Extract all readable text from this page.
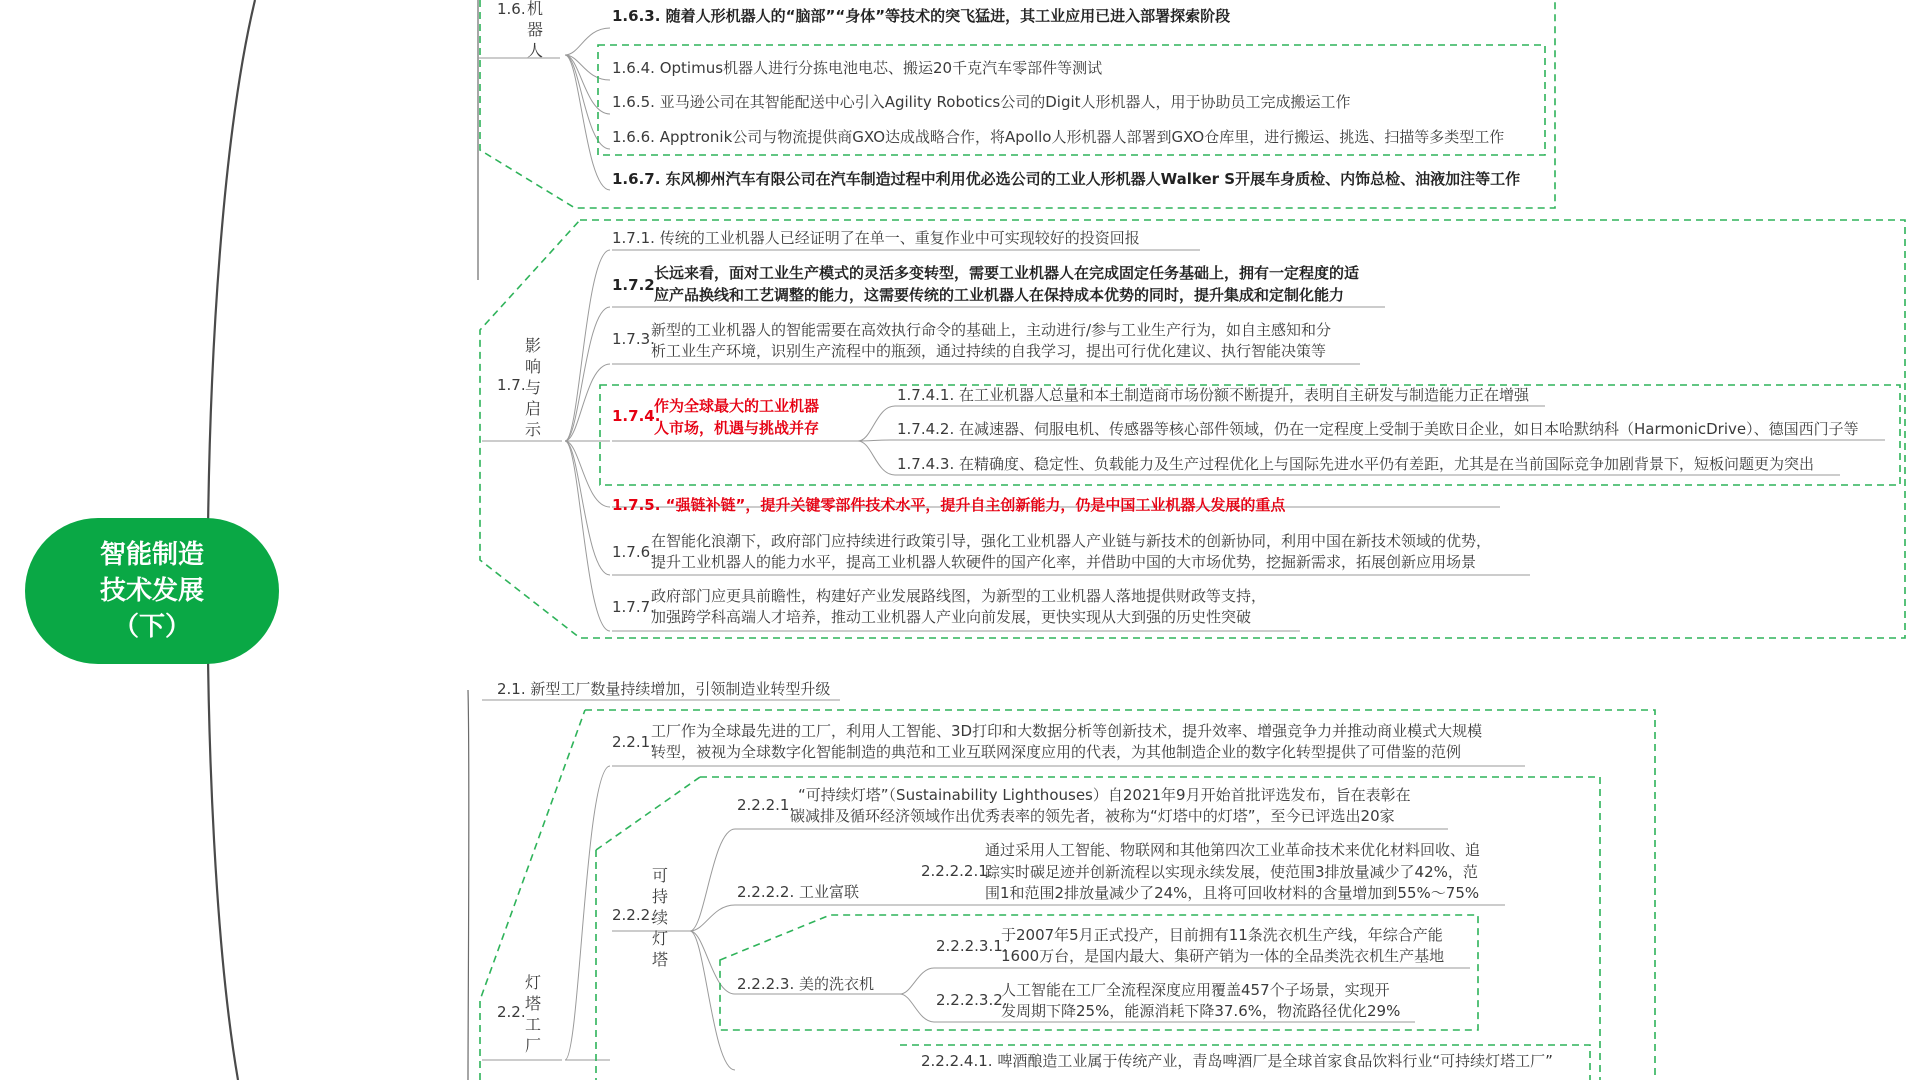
智能制造
技术发展
（下）
1.6. 机器人
1.6.3. 随着人形机器人的“脑部”“身体”等技术的突飞猛进，其工业应用已进入部署探索阶段
1.6.4. Optimus机器人进行分拣电池电芯、搬运20千克汽车零部件等测试
1.6.5. 亚马逊公司在其智能配送中心引入Agility Robotics公司的Digit人形机器人，用于协助员工完成搬运工作
1.6.6. Apptronik公司与物流提供商GXO达成战略合作，将Apollo人形机器人部署到GXO仓库里，进行搬运、挑选、扫描等多类型工作
1.6.7. 东风柳州汽车有限公司在汽车制造过程中利用优必选公司的工业人形机器人Walker S开展车身质检、内饰总检、油液加注等工作
1.7.
影响与启示
1.7.1. 传统的工业机器人已经证明了在单一、重复作业中可实现较好的投资回报
1.7.2.
长远来看，面对工业生产模式的灵活多变转型，需要工业机器人在完成固定任务基础上，拥有一定程度的适
应产品换线和工艺调整的能力，这需要传统的工业机器人在保持成本优势的同时，提升集成和定制化能力
1.7.3.
新型的工业机器人的智能需要在高效执行命令的基础上，主动进行/参与工业生产行为，如自主感知和分
析工业生产环境，识别生产流程中的瓶颈，通过持续的自我学习，提出可行优化建议、执行智能决策等
1.7.4.
作为全球最大的工业机器
人市场，机遇与挑战并存
1.7.4.1. 在工业机器人总量和本土制造商市场份额不断提升，表明自主研发与制造能力正在增强
1.7.4.2. 在减速器、伺服电机、传感器等核心部件领域，仍在一定程度上受制于美欧日企业，如日本哈默纳科（HarmonicDrive）、德国西门子等
1.7.4.3. 在精确度、稳定性、负载能力及生产过程优化上与国际先进水平仍有差距，尤其是在当前国际竞争加剧背景下，短板问题更为突出
1.7.5. “强链补链”，提升关键零部件技术水平，提升自主创新能力，仍是中国工业机器人发展的重点
1.7.6.
在智能化浪潮下，政府部门应持续进行政策引导，强化工业机器人产业链与新技术的创新协同，利用中国在新技术领域的优势，
提升工业机器人的能力水平，提高工业机器人软硬件的国产化率，并借助中国的大市场优势，挖掘新需求，拓展创新应用场景
1.7.7.
政府部门应更具前瞻性，构建好产业发展路线图，为新型的工业机器人落地提供财政等支持，
加强跨学科高端人才培养，推动工业机器人产业向前发展，更快实现从大到强的历史性突破
2.1. 新型工厂数量持续增加，引领制造业转型升级
2.2.
灯塔工厂
2.2.1.
工厂作为全球最先进的工厂，利用人工智能、3D打印和大数据分析等创新技术，提升效率、增强竞争力并推动商业模式大规模
转型，被视为全球数字化智能制造的典范和工业互联网深度应用的代表，为其他制造企业的数字化转型提供了可借鉴的范例
2.2.2.
可持续灯塔
2.2.2.1.
“可持续灯塔”（Sustainability Lighthouses）自2021年9月开始首批评选发布，旨在表彰在
碳减排及循环经济领域作出优秀表率的领先者，被称为“灯塔中的灯塔”，至今已评选出20家
2.2.2.2. 工业富联
2.2.2.2.1.
通过采用人工智能、物联网和其他第四次工业革命技术来优化材料回收、追
踪实时碳足迹并创新流程以实现永续发展，使范围3排放量减少了42%，范
围1和范围2排放量减少了24%，且将可回收材料的含量增加到55%～75%
2.2.2.3. 美的洗衣机
2.2.2.3.1.
于2007年5月正式投产，目前拥有11条洗衣机生产线，年综合产能
1600万台，是国内最大、集研产销为一体的全品类洗衣机生产基地
2.2.2.3.2.
人工智能在工厂全流程深度应用覆盖457个子场景，实现开
发周期下降25%，能源消耗下降37.6%，物流路径优化29%
2.2.2.4.1. 啤酒酿造工业属于传统产业，青岛啤酒厂是全球首家食品饮料行业“可持续灯塔工厂”
